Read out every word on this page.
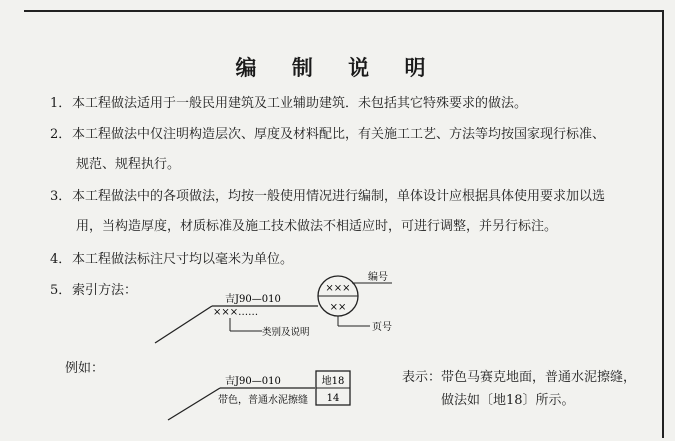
编 制 说 明
1．本工程做法适用于一般民用建筑及工业辅助建筑．未包括其它特殊要求的做法。
2．本工程做法中仅注明构造层次、厚度及材料配比，有关施工工艺、方法等均按国家现行标准、
规范、规程执行。
3．本工程做法中的各项做法，均按一般使用情况进行编制，单体设计应根据具体使用要求加以选
用，当构造厚度，材质标准及施工技术做法不相适应时，可进行调整，并另行标注。
4．本工程做法标注尺寸均以毫米为单位。
5．索引方法：
吉J90—010
×××……
类别及说明
×××
××
编号
页号
吉J90—010
带色，普通水泥擦缝
地18
14
例如：
表示：带色马赛克地面，普通水泥擦缝，
做法如〔地18〕所示。
